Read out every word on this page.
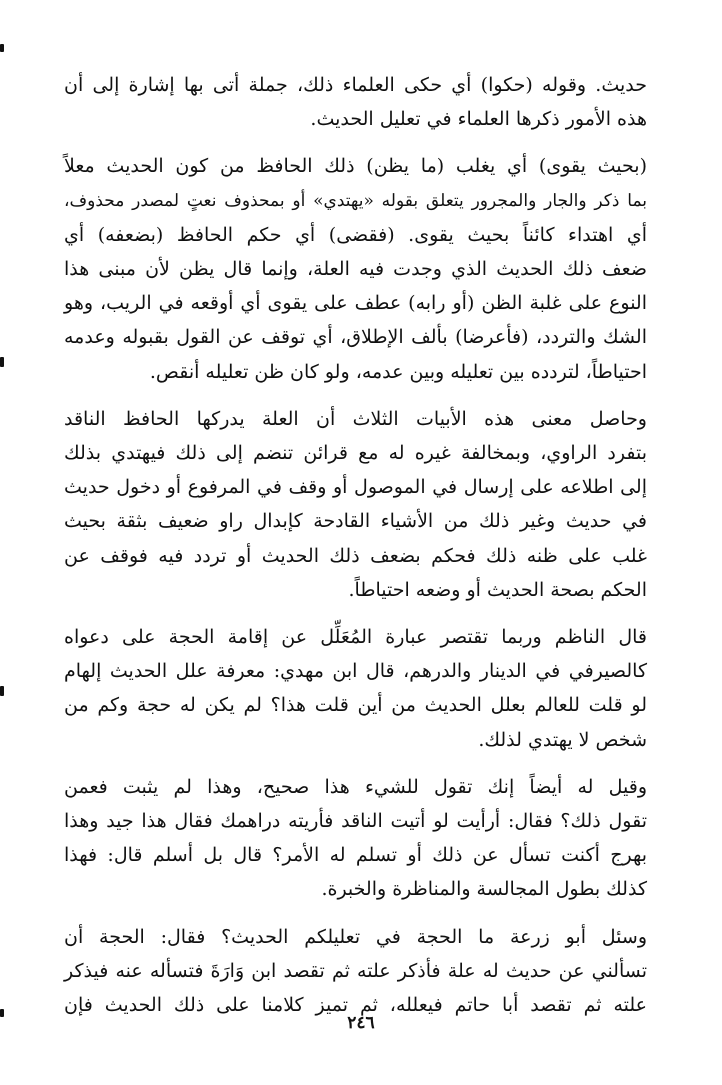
حديث. وقوله (حكوا) أي حكى العلماء ذلك، جملة أتى بها إشارة إلى أن
هذه الأمور ذكرها العلماء في تعليل الحديث.

(بحيث يقوى) أي يغلب (ما يظن) ذلك الحافظ من كون الحديث معلاً
بما ذكر والجار والمجرور يتعلق بقوله «يهتدي» أو بمحذوف نعتٍ لمصدر محذوف،
أي اهتداء كائناً بحيث يقوى. (فقضى) أي حكم الحافظ (بضعفه) أي
ضعف ذلك الحديث الذي وجدت فيه العلة، وإنما قال يظن لأن مبنى هذا
النوع على غلبة الظن (أو رابه) عطف على يقوى أي أوقعه في الريب، وهو
الشك والتردد، (فأعرضا) بألف الإطلاق، أي توقف عن القول بقبوله وعدمه
احتياطاً، لتردده بين تعليله وبين عدمه، ولو كان ظن تعليله أنقص.

وحاصل معنى هذه الأبيات الثلاث أن العلة يدركها الحافظ الناقد
بتفرد الراوي، وبمخالفة غيره له مع قرائن تنضم إلى ذلك فيهتدي بذلك
إلى اطلاعه على إرسال في الموصول أو وقف في المرفوع أو دخول حديث
في حديث وغير ذلك من الأشياء القادحة كإبدال راو ضعيف بثقة بحيث
غلب على ظنه ذلك فحكم بضعف ذلك الحديث أو تردد فيه فوقف عن
الحكم بصحة الحديث أو وضعه احتياطاً.

قال الناظم وربما تقتصر عبارة المُعَلِّل عن إقامة الحجة على دعواه
كالصيرفي في الدينار والدرهم، قال ابن مهدي: معرفة علل الحديث إلهام
لو قلت للعالم بعلل الحديث من أين قلت هذا؟ لم يكن له حجة وكم من
شخص لا يهتدي لذلك.

وقيل له أيضاً إنك تقول للشيء هذا صحيح، وهذا لم يثبت فعمن
تقول ذلك؟ فقال: أرأيت لو أتيت الناقد فأريته دراهمك فقال هذا جيد وهذا
بهرج أكنت تسأل عن ذلك أو تسلم له الأمر؟ قال بل أسلم قال: فهذا
كذلك بطول المجالسة والمناظرة والخبرة.

وسئل أبو زرعة ما الحجة في تعليلكم الحديث؟ فقال: الحجة أن
تسألني عن حديث له علة فأذكر علته ثم تقصد ابن وَارَةَ فتسأله عنه فيذكر
علته ثم تقصد أبا حاتم فيعلله، ثم تميز كلامنا على ذلك الحديث فإن

٢٤٦
